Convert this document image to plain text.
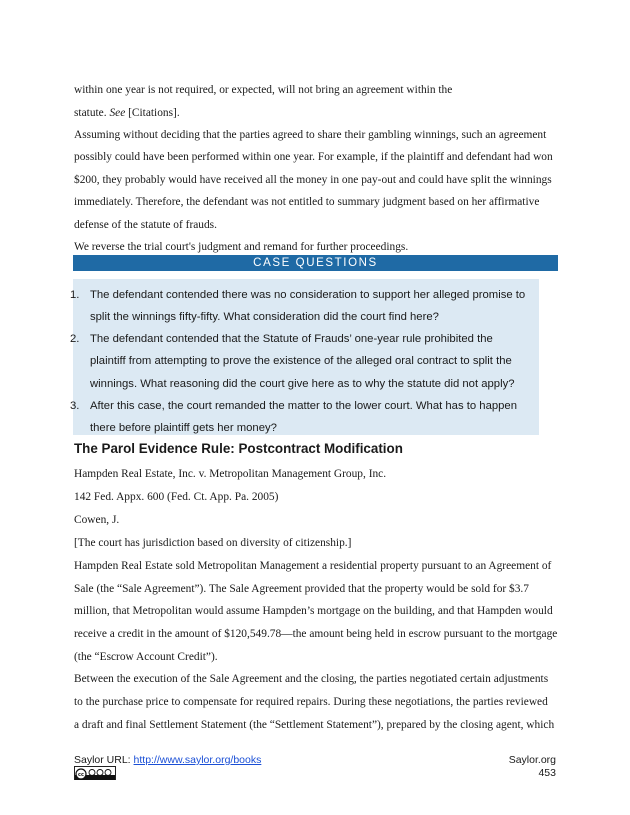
within one year is not required, or expected, will not bring an agreement within the
statute. See [Citations].
Assuming without deciding that the parties agreed to share their gambling winnings, such an agreement
possibly could have been performed within one year. For example, if the plaintiff and defendant had won
$200, they probably would have received all the money in one pay-out and could have split the winnings
immediately. Therefore, the defendant was not entitled to summary judgment based on her affirmative
defense of the statute of frauds.
We reverse the trial court's judgment and remand for further proceedings.
CASE QUESTIONS
1. The defendant contended there was no consideration to support her alleged promise to
split the winnings fifty-fifty. What consideration did the court find here?
2. The defendant contended that the Statute of Frauds’ one-year rule prohibited the
plaintiff from attempting to prove the existence of the alleged oral contract to split the
winnings. What reasoning did the court give here as to why the statute did not apply?
3. After this case, the court remanded the matter to the lower court. What has to happen
there before plaintiff gets her money?
The Parol Evidence Rule: Postcontract Modification
Hampden Real Estate, Inc. v. Metropolitan Management Group, Inc.
142 Fed. Appx. 600 (Fed. Ct. App. Pa. 2005)
Cowen, J.
[The court has jurisdiction based on diversity of citizenship.]
Hampden Real Estate sold Metropolitan Management a residential property pursuant to an Agreement of
Sale (the “Sale Agreement”). The Sale Agreement provided that the property would be sold for $3.7
million, that Metropolitan would assume Hampden’s mortgage on the building, and that Hampden would
receive a credit in the amount of $120,549.78—the amount being held in escrow pursuant to the mortgage
(the “Escrow Account Credit”).
Between the execution of the Sale Agreement and the closing, the parties negotiated certain adjustments
to the purchase price to compensate for required repairs. During these negotiations, the parties reviewed
a draft and final Settlement Statement (the “Settlement Statement”), prepared by the closing agent, which
Saylor URL: http://www.saylor.org/books	Saylor.org
453
cc
